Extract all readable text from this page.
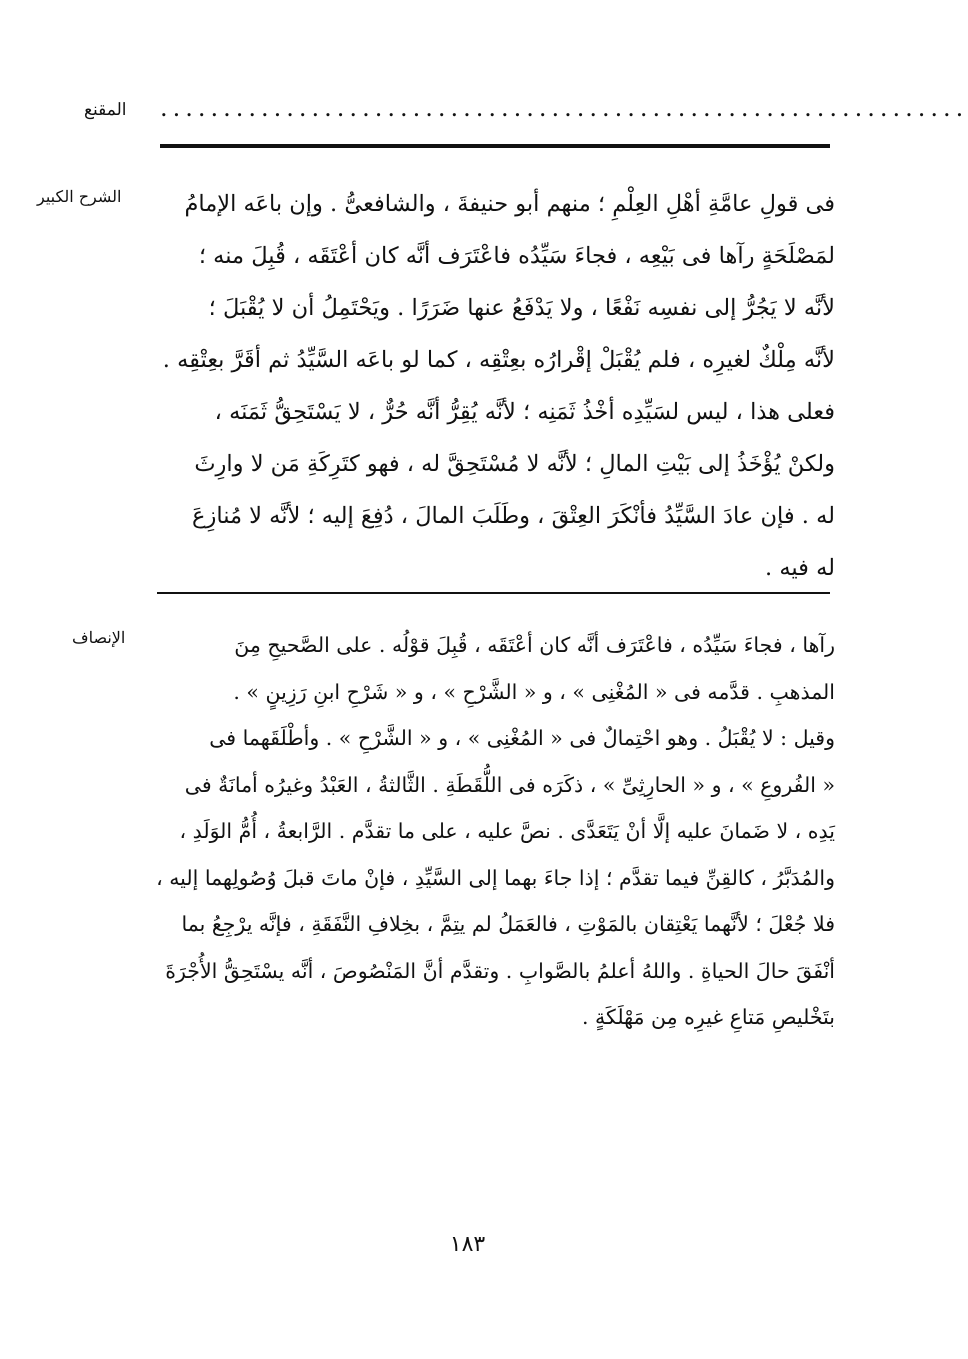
المقنع ................................................................
الشرح الكبير	فى قولِ عامَّةِ أهْلِ العِلْمِ ؛ منهم أبو حنيفةَ ، والشافعىُّ . وإن باعَه الإمامُ

لمَصْلَحَةٍ رآها فى بَيْعِه ، فجاءَ سَيِّدُه فاعْتَرَف أنَّه كان أعْتَقَه ، قُبِلَ منه ؛

لأنَّه لا يَجُرُّ إلى نفسِه نَفْعًا ، ولا يَدْفَعُ عنها ضَرَرًا . ويَحْتَمِلُ أن لا يُقْبَلَ ؛

لأنَّه مِلْكٌ لغيرِه ، فلم يُقْبَلْ إقْرارُه بعِتْقِه ، كما لو باعَه السَّيِّدُ ثم أقَرَّ بعِتْقِه .

فعلى هذا ، ليس لسَيِّدِه أخْذُ ثَمَنِه ؛ لأنَّه يُقِرُّ أنَّه حُرٌّ ، لا يَسْتَحِقُّ ثَمَنَه ،

ولكنْ يُؤْخَذُ إلى بَيْتِ المالِ ؛ لأنَّه لا مُسْتَحِقَّ له ، فهو كتَرِكَةِ مَن لا وارِثَ

له . فإن عادَ السَّيِّدُ فأنْكَرَ العِتْقَ ، وطَلَبَ المالَ ، دُفِعَ إليه ؛ لأنَّه لا مُنازِعَ

له فيه .

الإنصاف	رآها ، فجاءَ سَيِّدُه ، فاعْتَرَف أنَّه كان أعْتَقَه ، قُبِلَ قوْلُه . على الصَّحيحِ مِنَ

المذهبِ . قدَّمه فى « المُغْنِى » ، و « الشَّرْحِ » ، و « شَرْحِ ابنِ رَزِينٍ » .

وقيل : لا يُقْبَلُ . وهو احْتِمالٌ فى « المُغْنِى » ، و « الشَّرْحِ » . وأطْلَقَهما فى

« الفُروعِ » ، و « الحارِثِىِّ » ، ذكَرَه فى اللُّقَطَةِ . الثَّالثةُ ، العَبْدُ وغيرُه أمانَةٌ فى

يَدِه ، لا ضَمانَ عليه إلَّا أنْ يَتَعَدَّى . نصَّ عليه ، على ما تقدَّم . الرَّابعةُ ، أُمُّ الوَلَدِ ،

والمُدَبَّرُ ، كالقِنِّ فيما تقدَّم ؛ إذا جاءَ بهما إلى السَّيِّدِ ، فإنْ ماتَ قبلَ وُصُولِهما إليه ،

فلا جُعْلَ ؛ لأنَّهما يَعْتِقان بالمَوْتِ ، فالعَمَلُ لم يتِمَّ ، بخِلافِ النَّفَقَةِ ، فإنَّه يرْجِعُ بما

أنْفَقَ حالَ الحياةِ . واللهُ أعلمُ بالصَّوابِ . وتقدَّم أنَّ المَنْصُوصَ ، أنَّه يسْتَحِقُّ الأُجْرَةَ

بتَخْليصِ مَتاعِ غيرِه مِن مَهْلَكَةٍ .

١٨٣
